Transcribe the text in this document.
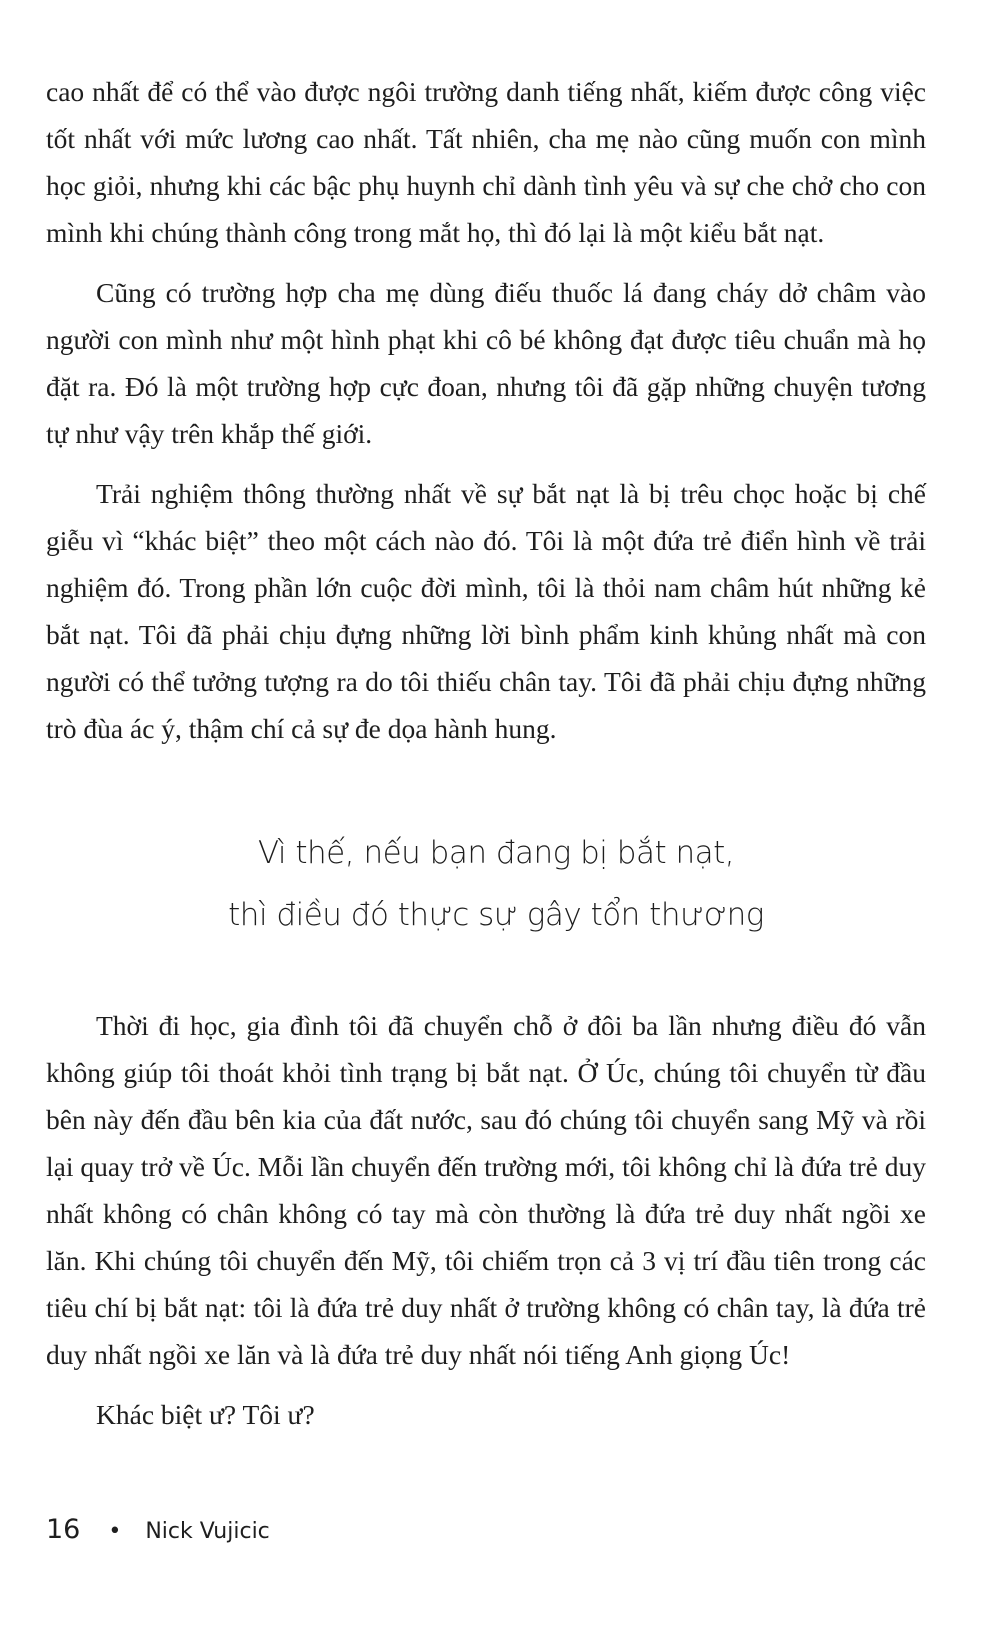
cao nhất để có thể vào được ngôi trường danh tiếng nhất, kiếm được công việc tốt nhất với mức lương cao nhất. Tất nhiên, cha mẹ nào cũng muốn con mình học giỏi, nhưng khi các bậc phụ huynh chỉ dành tình yêu và sự che chở cho con mình khi chúng thành công trong mắt họ, thì đó lại là một kiểu bắt nạt.

Cũng có trường hợp cha mẹ dùng điếu thuốc lá đang cháy dở châm vào người con mình như một hình phạt khi cô bé không đạt được tiêu chuẩn mà họ đặt ra. Đó là một trường hợp cực đoan, nhưng tôi đã gặp những chuyện tương tự như vậy trên khắp thế giới.

Trải nghiệm thông thường nhất về sự bắt nạt là bị trêu chọc hoặc bị chế giễu vì “khác biệt” theo một cách nào đó. Tôi là một đứa trẻ điển hình về trải nghiệm đó. Trong phần lớn cuộc đời mình, tôi là thỏi nam châm hút những kẻ bắt nạt. Tôi đã phải chịu đựng những lời bình phẩm kinh khủng nhất mà con người có thể tưởng tượng ra do tôi thiếu chân tay. Tôi đã phải chịu đựng những trò đùa ác ý, thậm chí cả sự đe dọa hành hung.

Vì thế, nếu bạn đang bị bắt nạt,

thì điều đó thực sự gây tổn thương

Thời đi học, gia đình tôi đã chuyển chỗ ở đôi ba lần nhưng điều đó vẫn không giúp tôi thoát khỏi tình trạng bị bắt nạt. Ở Úc, chúng tôi chuyển từ đầu bên này đến đầu bên kia của đất nước, sau đó chúng tôi chuyển sang Mỹ và rồi lại quay trở về Úc. Mỗi lần chuyển đến trường mới, tôi không chỉ là đứa trẻ duy nhất không có chân không có tay mà còn thường là đứa trẻ duy nhất ngồi xe lăn. Khi chúng tôi chuyển đến Mỹ, tôi chiếm trọn cả 3 vị trí đầu tiên trong các tiêu chí bị bắt nạt: tôi là đứa trẻ duy nhất ở trường không có chân tay, là đứa trẻ duy nhất ngồi xe lăn và là đứa trẻ duy nhất nói tiếng Anh giọng Úc!

Khác biệt ư? Tôi ư?

16 • Nick Vujicic
